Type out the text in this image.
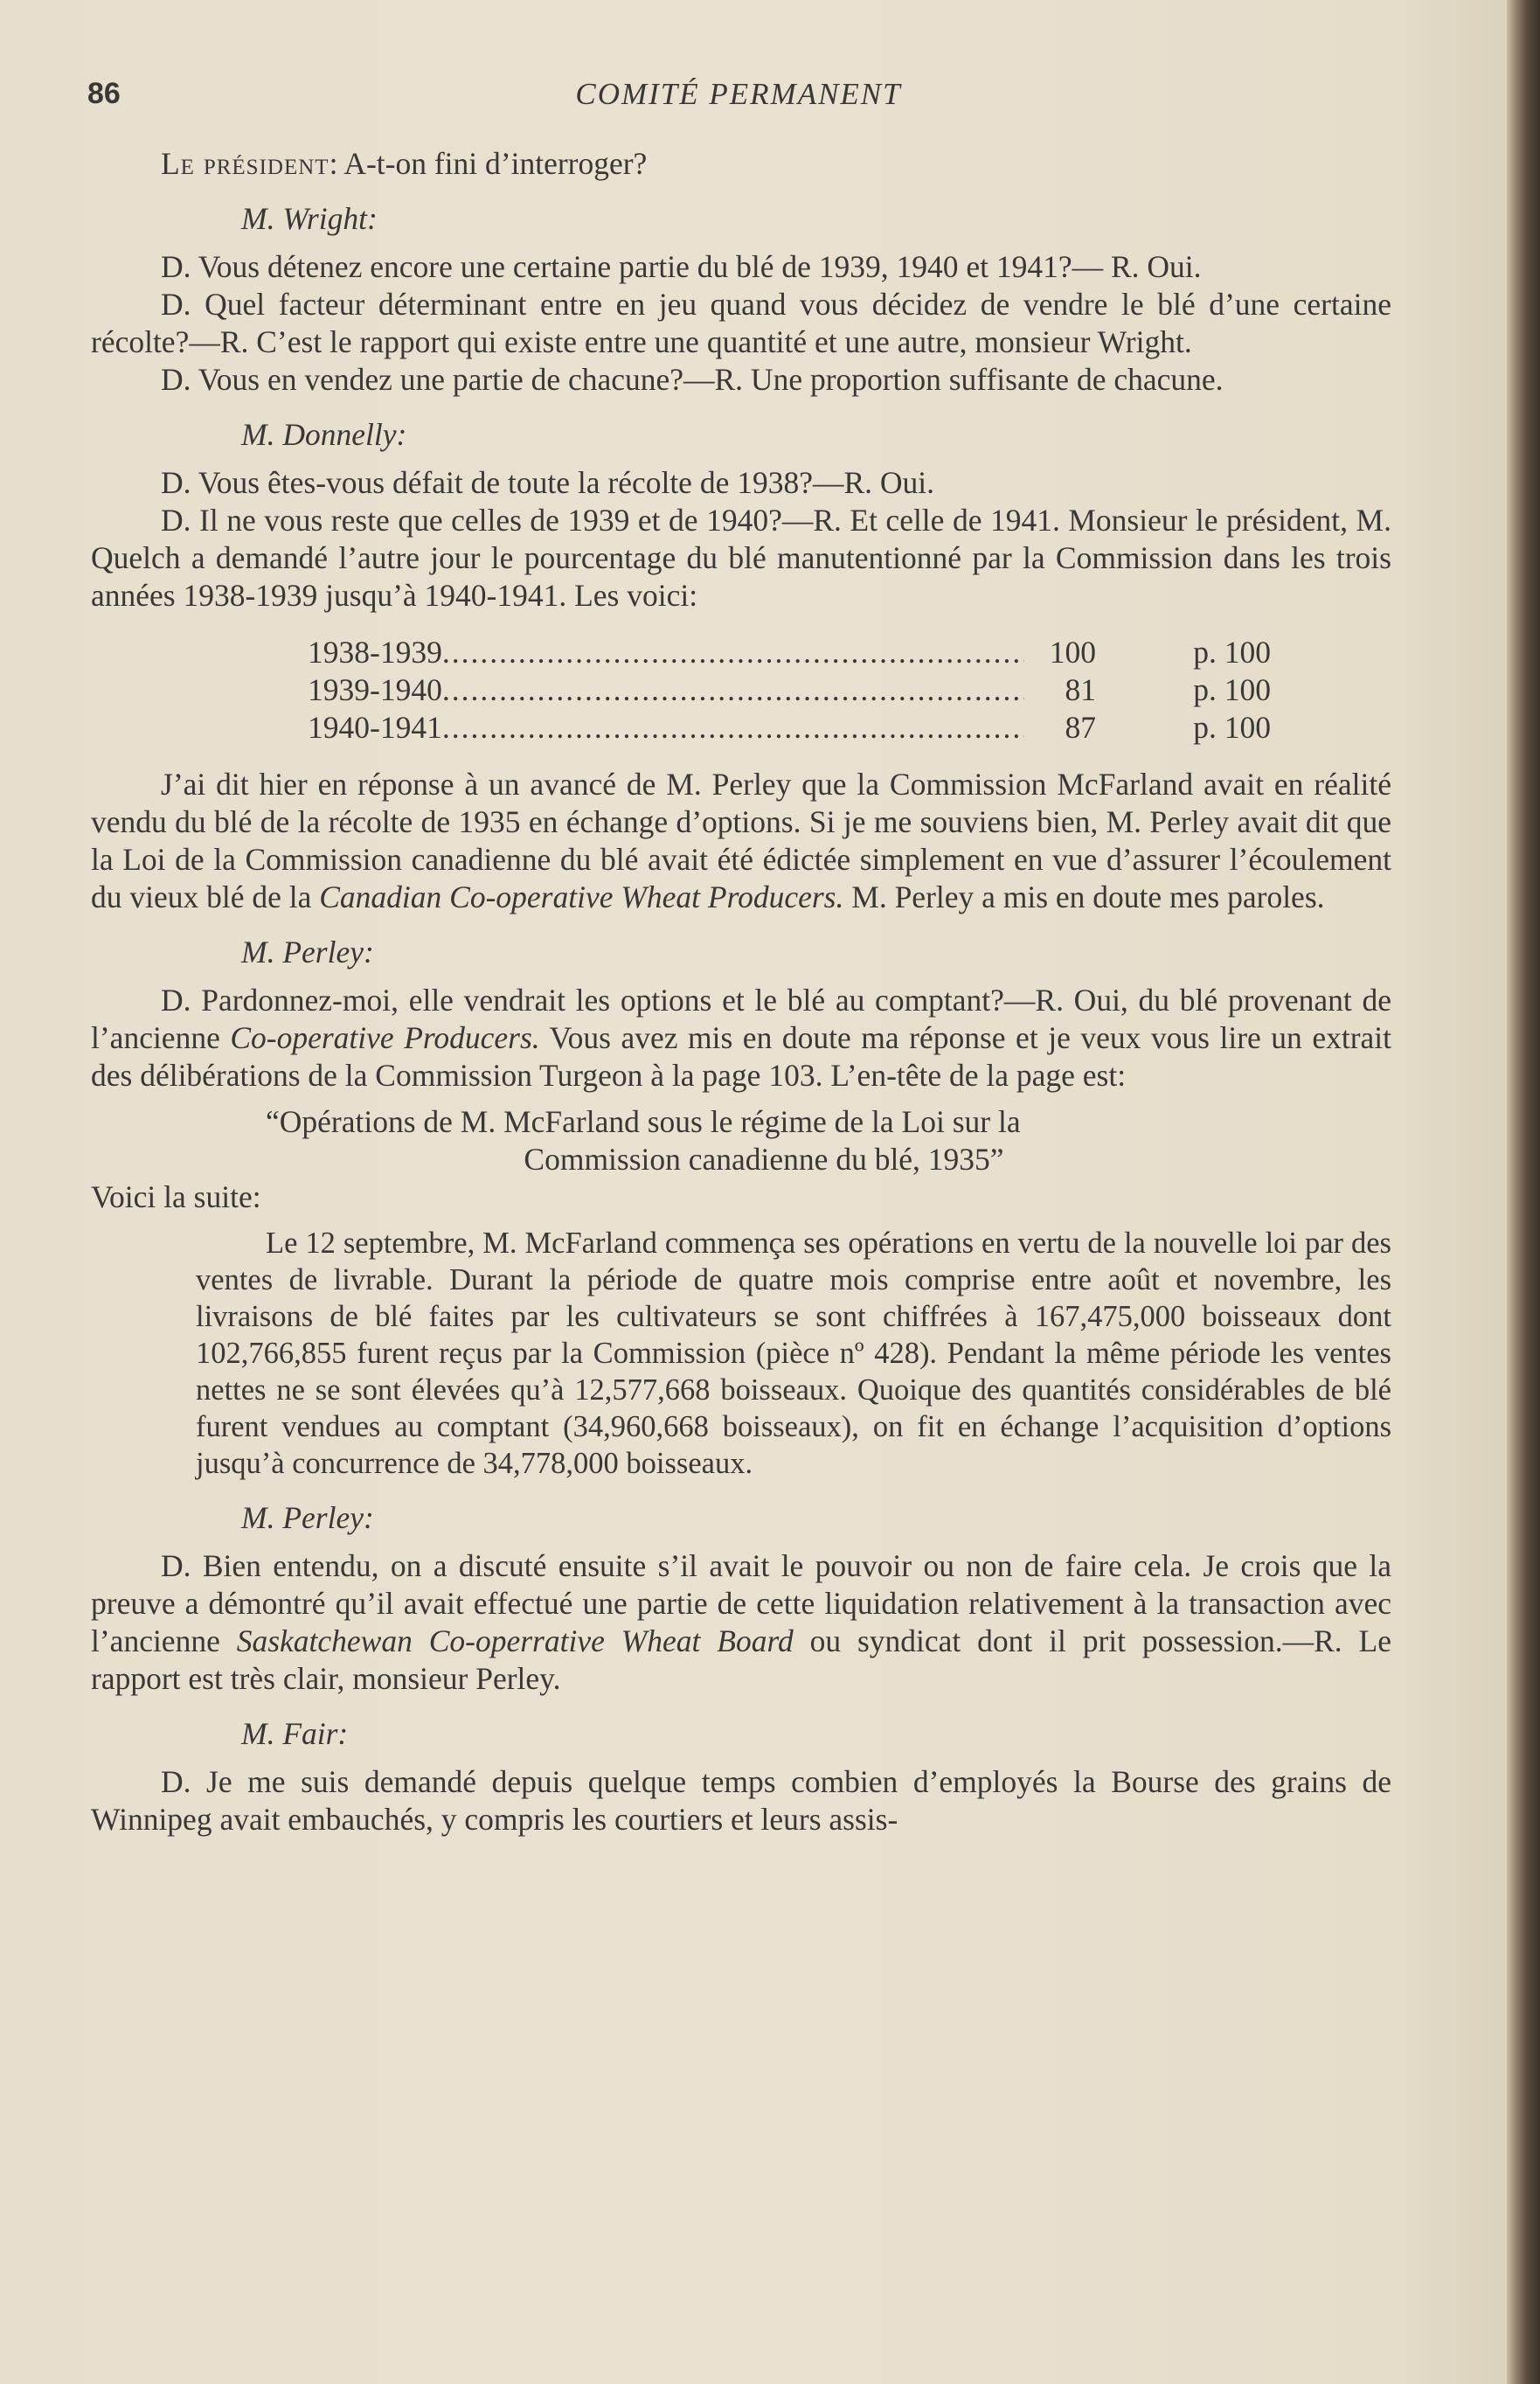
86	COMITÉ PERMANENT

Le président: A-t-on fini d’interroger?

M. Wright:

D. Vous détenez encore une certaine partie du blé de 1939, 1940 et 1941?— R. Oui.

D. Quel facteur déterminant entre en jeu quand vous décidez de vendre le blé d’une certaine récolte?—R. C’est le rapport qui existe entre une quantité et une autre, monsieur Wright.

D. Vous en vendez une partie de chacune?—R. Une proportion suffisante de chacune.

M. Donnelly:

D. Vous êtes-vous défait de toute la récolte de 1938?—R. Oui.

D. Il ne vous reste que celles de 1939 et de 1940?—R. Et celle de 1941. Monsieur le président, M. Quelch a demandé l’autre jour le pourcentage du blé manutentionné par la Commission dans les trois années 1938-1939 jusqu’à 1940-1941. Les voici:

1938-1939 .....	100	p. 100
1939-1940 .....	81	p. 100
1940-1941 .....	87	p. 100

J’ai dit hier en réponse à un avancé de M. Perley que la Commission McFarland avait en réalité vendu du blé de la récolte de 1935 en échange d’options. Si je me souviens bien, M. Perley avait dit que la Loi de la Commission canadienne du blé avait été édictée simplement en vue d’assurer l’écoulement du vieux blé de la Canadian Co-operative Wheat Producers. M. Perley a mis en doute mes paroles.

M. Perley:

D. Pardonnez-moi, elle vendrait les options et le blé au comptant?—R. Oui, du blé provenant de l’ancienne Co-operative Producers. Vous avez mis en doute ma réponse et je veux vous lire un extrait des délibérations de la Commission Turgeon à la page 103. L’en-tête de la page est:

“Opérations de M. McFarland sous le régime de la Loi sur la
Commission canadienne du blé, 1935”

Voici la suite:

Le 12 septembre, M. McFarland commença ses opérations en vertu de la nouvelle loi par des ventes de livrable. Durant la période de quatre mois comprise entre août et novembre, les livraisons de blé faites par les cultivateurs se sont chiffrées à 167,475,000 boisseaux dont 102,766,855 furent reçus par la Commission (pièce nº 428). Pendant la même période les ventes nettes ne se sont élevées qu’à 12,577,668 boisseaux. Quoique des quantités considérables de blé furent vendues au comptant (34,960,668 boisseaux), on fit en échange l’acquisition d’options jusqu’à concurrence de 34,778,000 boisseaux.

M. Perley:

D. Bien entendu, on a discuté ensuite s’il avait le pouvoir ou non de faire cela. Je crois que la preuve a démontré qu’il avait effectué une partie de cette liquidation relativement à la transaction avec l’ancienne Saskatchewan Co-operrative Wheat Board ou syndicat dont il prit possession.—R. Le rapport est très clair, monsieur Perley.

M. Fair:

D. Je me suis demandé depuis quelque temps combien d’employés la Bourse des grains de Winnipeg avait embauchés, y compris les courtiers et leurs assis-
